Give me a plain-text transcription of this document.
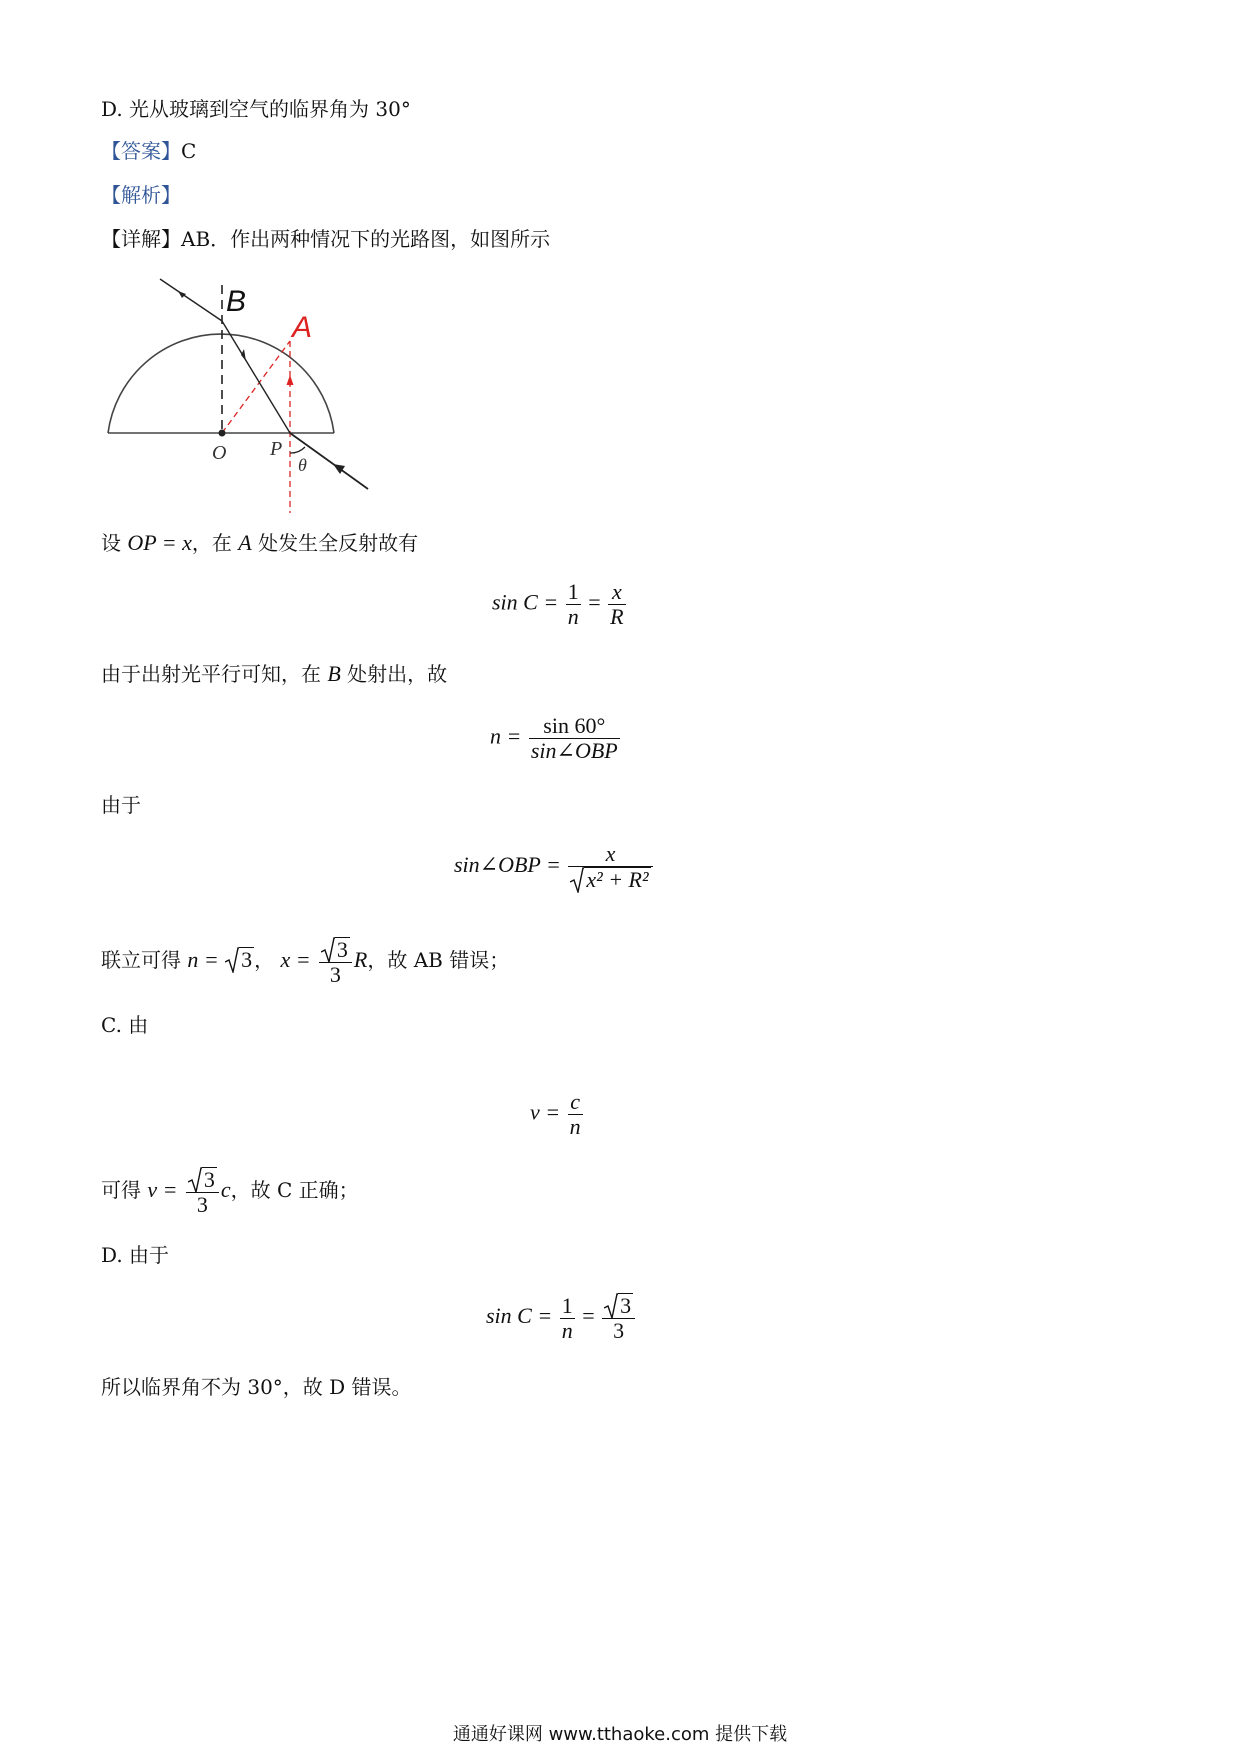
D. 光从玻璃到空气的临界角为 30°
【答案】C
【解析】
【详解】AB．作出两种情况下的光路图，如图所示
B
A
O P
θ
设 OP = x，在 A 处发生全反射故有
$\sin C = \frac{1}{n} = \frac{x}{R}$
由于出射光平行可知，在 B 处射出，故
$n = \frac{\sin 60^\circ}{\text{sin∠OBP}}$
由于
sin∠OBP = $\frac{x}{\text{x² + R²}}$
联立可得 n = 3 ， $x = \frac{3}{3}$ R，故 AB 错误；
C. 由
$v = \frac{c}{n}$
可得 $v = \frac{3}{3}$ c，故 C 正确；
D. 由于
$\sin C = \frac{1}{n} = \frac{3}{3}$
所以临界角不为 30°，故 D 错误。
通通好课网 www.tthaoke.com 提供下载
